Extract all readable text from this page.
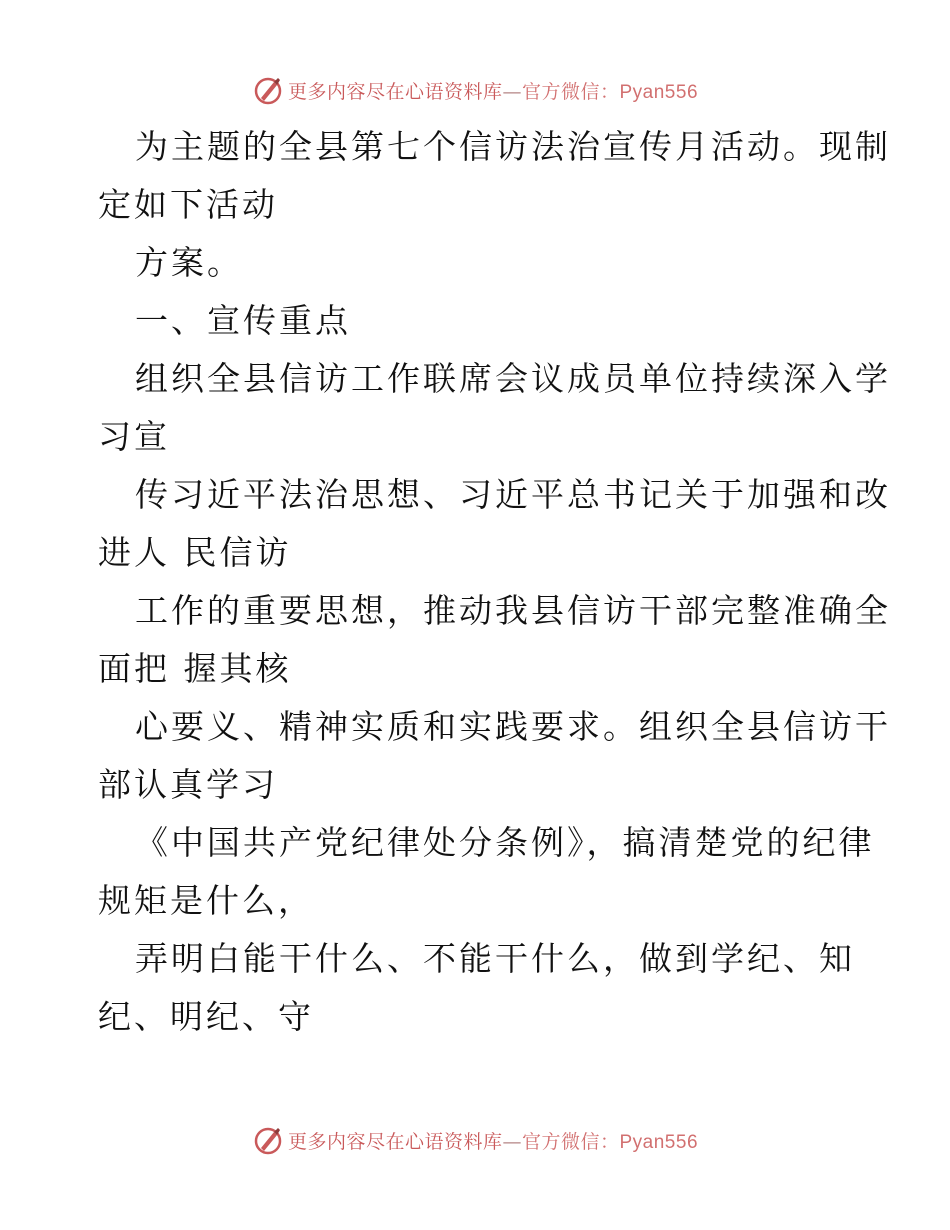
更多内容尽在心语资料库—官方微信：Pyan556
为主题的全县第七个信访法治宣传月活动。现制
定如下活动
方案。
一、宣传重点
组织全县信访工作联席会议成员单位持续深入学
习宣
传习近平法治思想、习近平总书记关于加强和改
进人 民信访
工作的重要思想，推动我县信访干部完整准确全
面把 握其核
心要义、精神实质和实践要求。组织全县信访干
部认真学习
《中国共产党纪律处分条例》，搞清楚党的纪律
规矩是什么，
弄明白能干什么、不能干什么，做到学纪、知
纪、明纪、守
更多内容尽在心语资料库—官方微信：Pyan556
